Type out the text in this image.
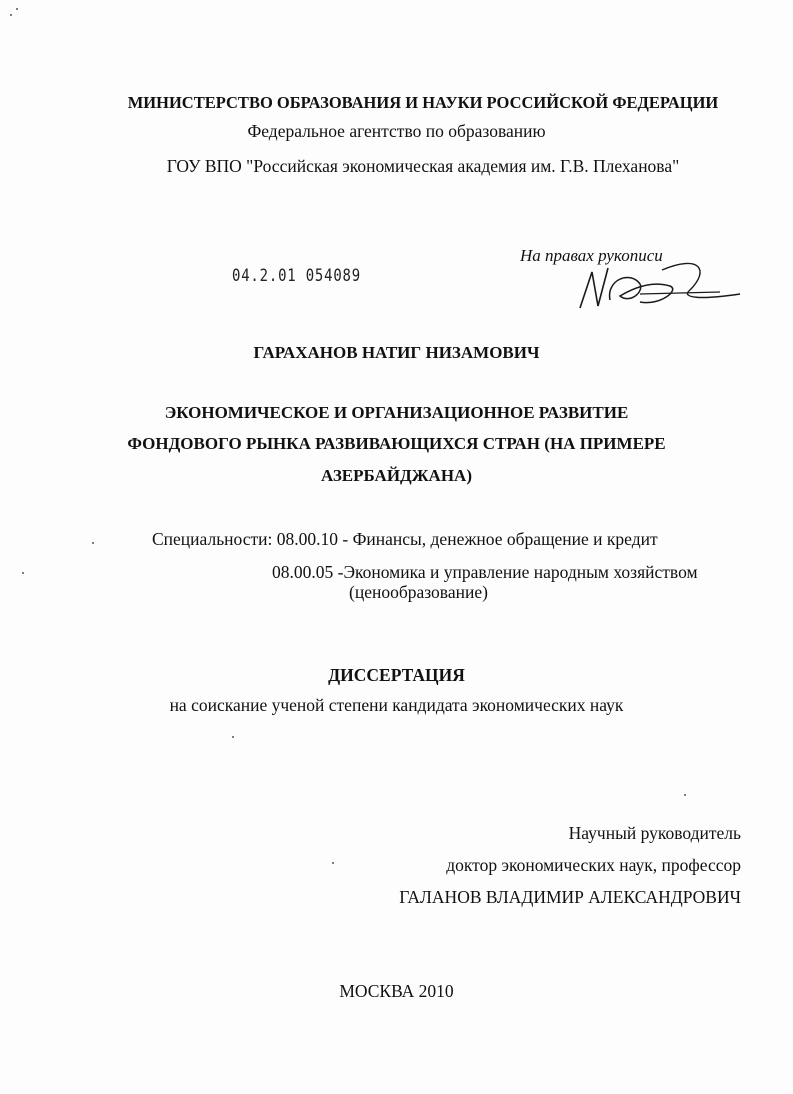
МИНИСТЕРСТВО ОБРАЗОВАНИЯ И НАУКИ РОССИЙСКОЙ ФЕДЕРАЦИИ
Федеральное агентство по образованию
ГОУ ВПО "Российская экономическая академия им. Г.В. Плеханова"
04.2.01 054089
На правах рукописи
ГАРАХАНОВ НАТИГ НИЗАМОВИЧ
ЭКОНОМИЧЕСКОЕ И ОРГАНИЗАЦИОННОЕ РАЗВИТИЕ
ФОНДОВОГО РЫНКА РАЗВИВАЮЩИХСЯ СТРАН (НА ПРИМЕРЕ
АЗЕРБАЙДЖАНА)
Специальности: 08.00.10 - Финансы, денежное обращение и кредит
08.00.05 -Экономика и управление народным хозяйством
(ценообразование)
ДИССЕРТАЦИЯ
на соискание ученой степени кандидата экономических наук
Научный руководитель
доктор экономических наук, профессор
ГАЛАНОВ ВЛАДИМИР АЛЕКСАНДРОВИЧ
МОСКВА 2010
